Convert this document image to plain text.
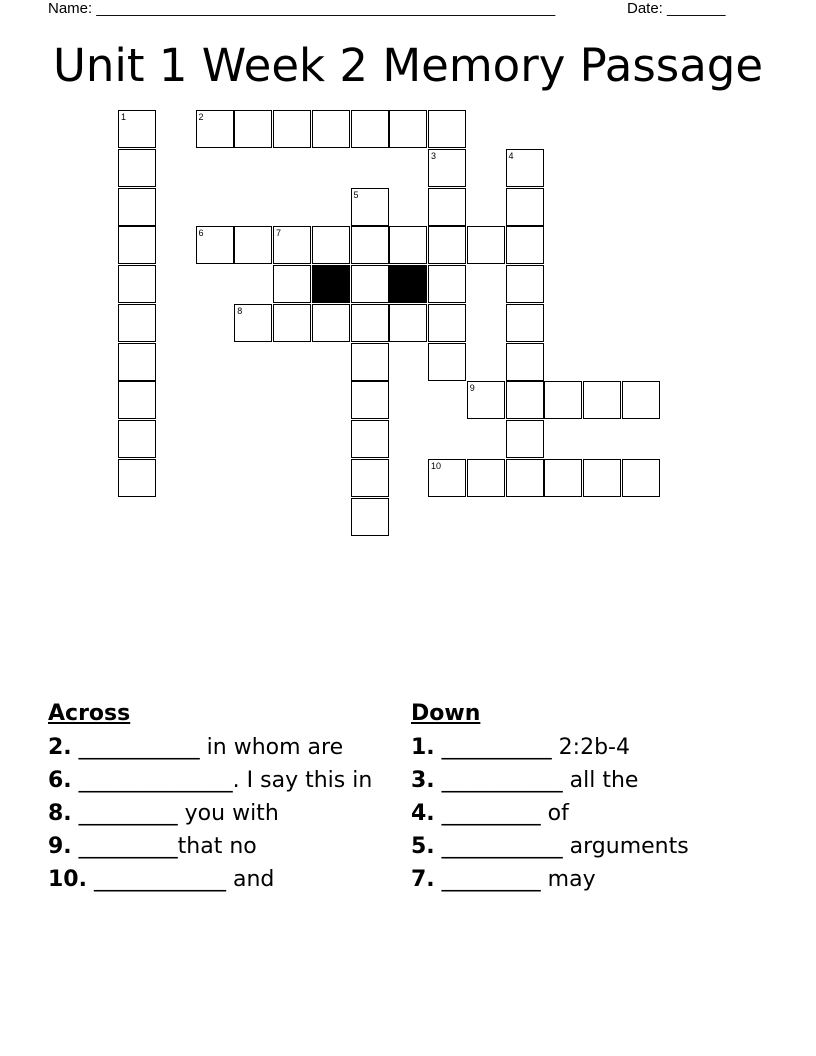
Name: _______________________________________________________	Date: _______
Unit 1 Week 2 Memory Passage
1	2
3	4
5
6	7
8
9
10
Across
2. ___________ in whom are
6. ______________. I say this in
8. _________ you with
9. _________that no
10. ____________ and
Down
1. __________ 2:2b-4
3. ___________ all the
4. _________ of
5. ___________ arguments
7. _________ may
